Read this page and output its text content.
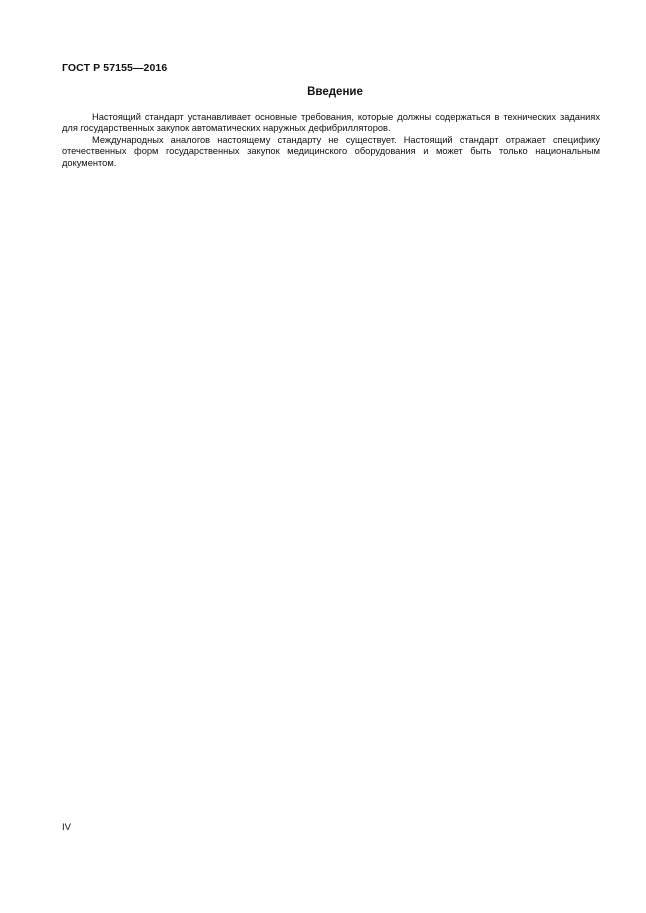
ГОСТ Р 57155—2016
Введение

Настоящий стандарт устанавливает основные требования, которые должны содержаться в технических заданиях для государственных закупок автоматических наружных дефибрилляторов.

Международных аналогов настоящему стандарту не существует. Настоящий стандарт отражает специфику отечественных форм государственных закупок медицинского оборудования и может быть только национальным документом.

IV
